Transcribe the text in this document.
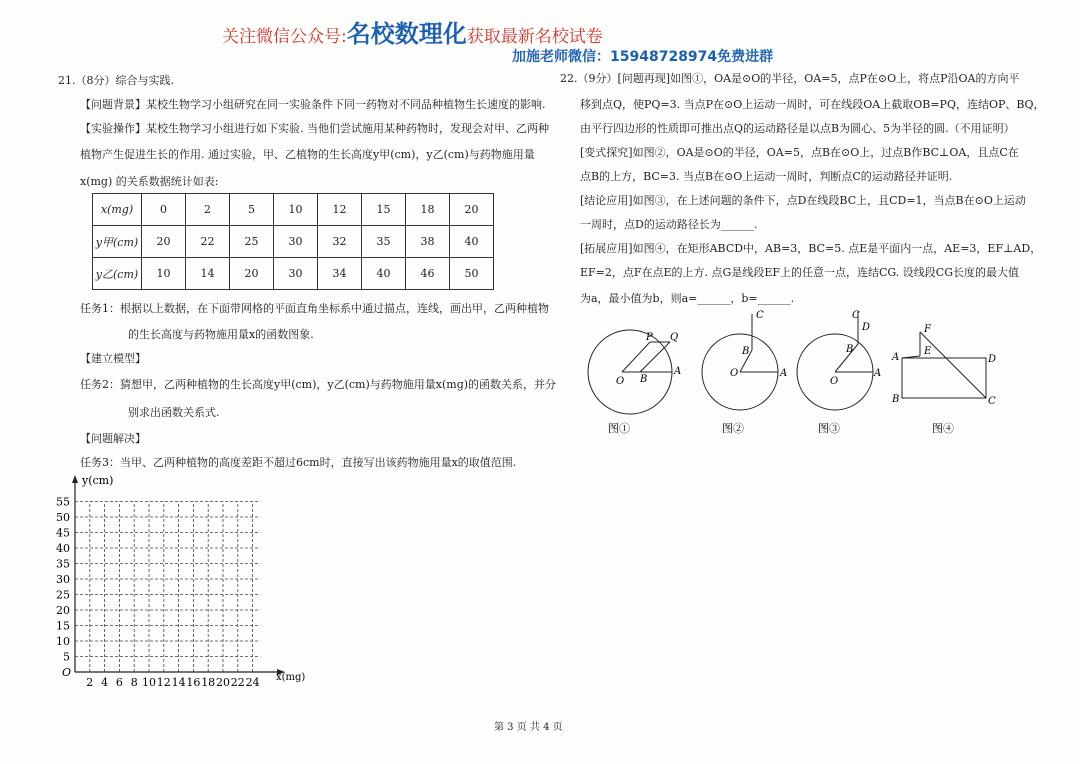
关注微信公众号:名校数理化获取最新名校试卷
加施老师微信：15948728974免费进群
21.（8分）综合与实践.
【问题背景】某校生物学习小组研究在同一实验条件下同一药物对不同品种植物生长速度的影响.
【实验操作】某校生物学习小组进行如下实验. 当他们尝试施用某种药物时，发现会对甲、乙两种
植物产生促进生长的作用. 通过实验，甲、乙植物的生长高度y甲(cm)，y乙(cm)与药物施用量
x(mg) 的关系数据统计如表:
x(mg)	0	2	5	10	12	15	18	20
y甲(cm)	20	22	25	30	32	35	38	40
y乙(cm)	10	14	20	30	34	40	46	50
任务1：根据以上数据，在下面带网格的平面直角坐标系中通过描点，连线，画出甲，乙两种植物
的生长高度与药物施用量x的函数图象.
【建立模型】
任务2：猜想甲，乙两种植物的生长高度y甲(cm)，y乙(cm)与药物施用量x(mg)的函数关系，并分
别求出函数关系式.
【问题解决】
任务3：当甲、乙两种植物的高度差距不超过6cm时，直接写出该药物施用量x的取值范围.
y(cm)
x(mg)
O
55
50
45
40
35
30
25
20
15
10
5
2 4 6 8 10 12 14 16 18 20 22 24
22.（9分）[问题再现]如图①，OA是⊙O的半径，OA=5，点P在⊙O上，将点P沿OA的方向平
移到点Q，使PQ=3. 当点P在⊙O上运动一周时，可在线段OA上截取OB=PQ，连结OP、BQ，
由平行四边形的性质即可推出点Q的运动路径是以点B为圆心、5为半径的圆.（不用证明）
[变式探究]如图②，OA是⊙O的半径，OA=5，点B在⊙O上，过点B作BC⊥OA，且点C在
点B的上方，BC=3. 当点B在⊙O上运动一周时，判断点C的运动路径并证明.
[结论应用]如图③，在上述问题的条件下，点D在线段BC上，且CD=1，当点B在⊙O上运动
一周时，点D的运动路径长为______.
[拓展应用]如图④，在矩形ABCD中，AB=3，BC=5. 点E是平面内一点，AE=3，EF⊥AD，
EF=2，点F在点E的上方. 点G是线段EF上的任意一点，连结CG. 设线段CG长度的最大值
为a，最小值为b，则a=______，b=______.
P Q
O B
A
C
B
O	A
C
D
B
O
A
A
B	C
D
E
F
图①	图②	图③	图④
第 3 页 共 4 页
